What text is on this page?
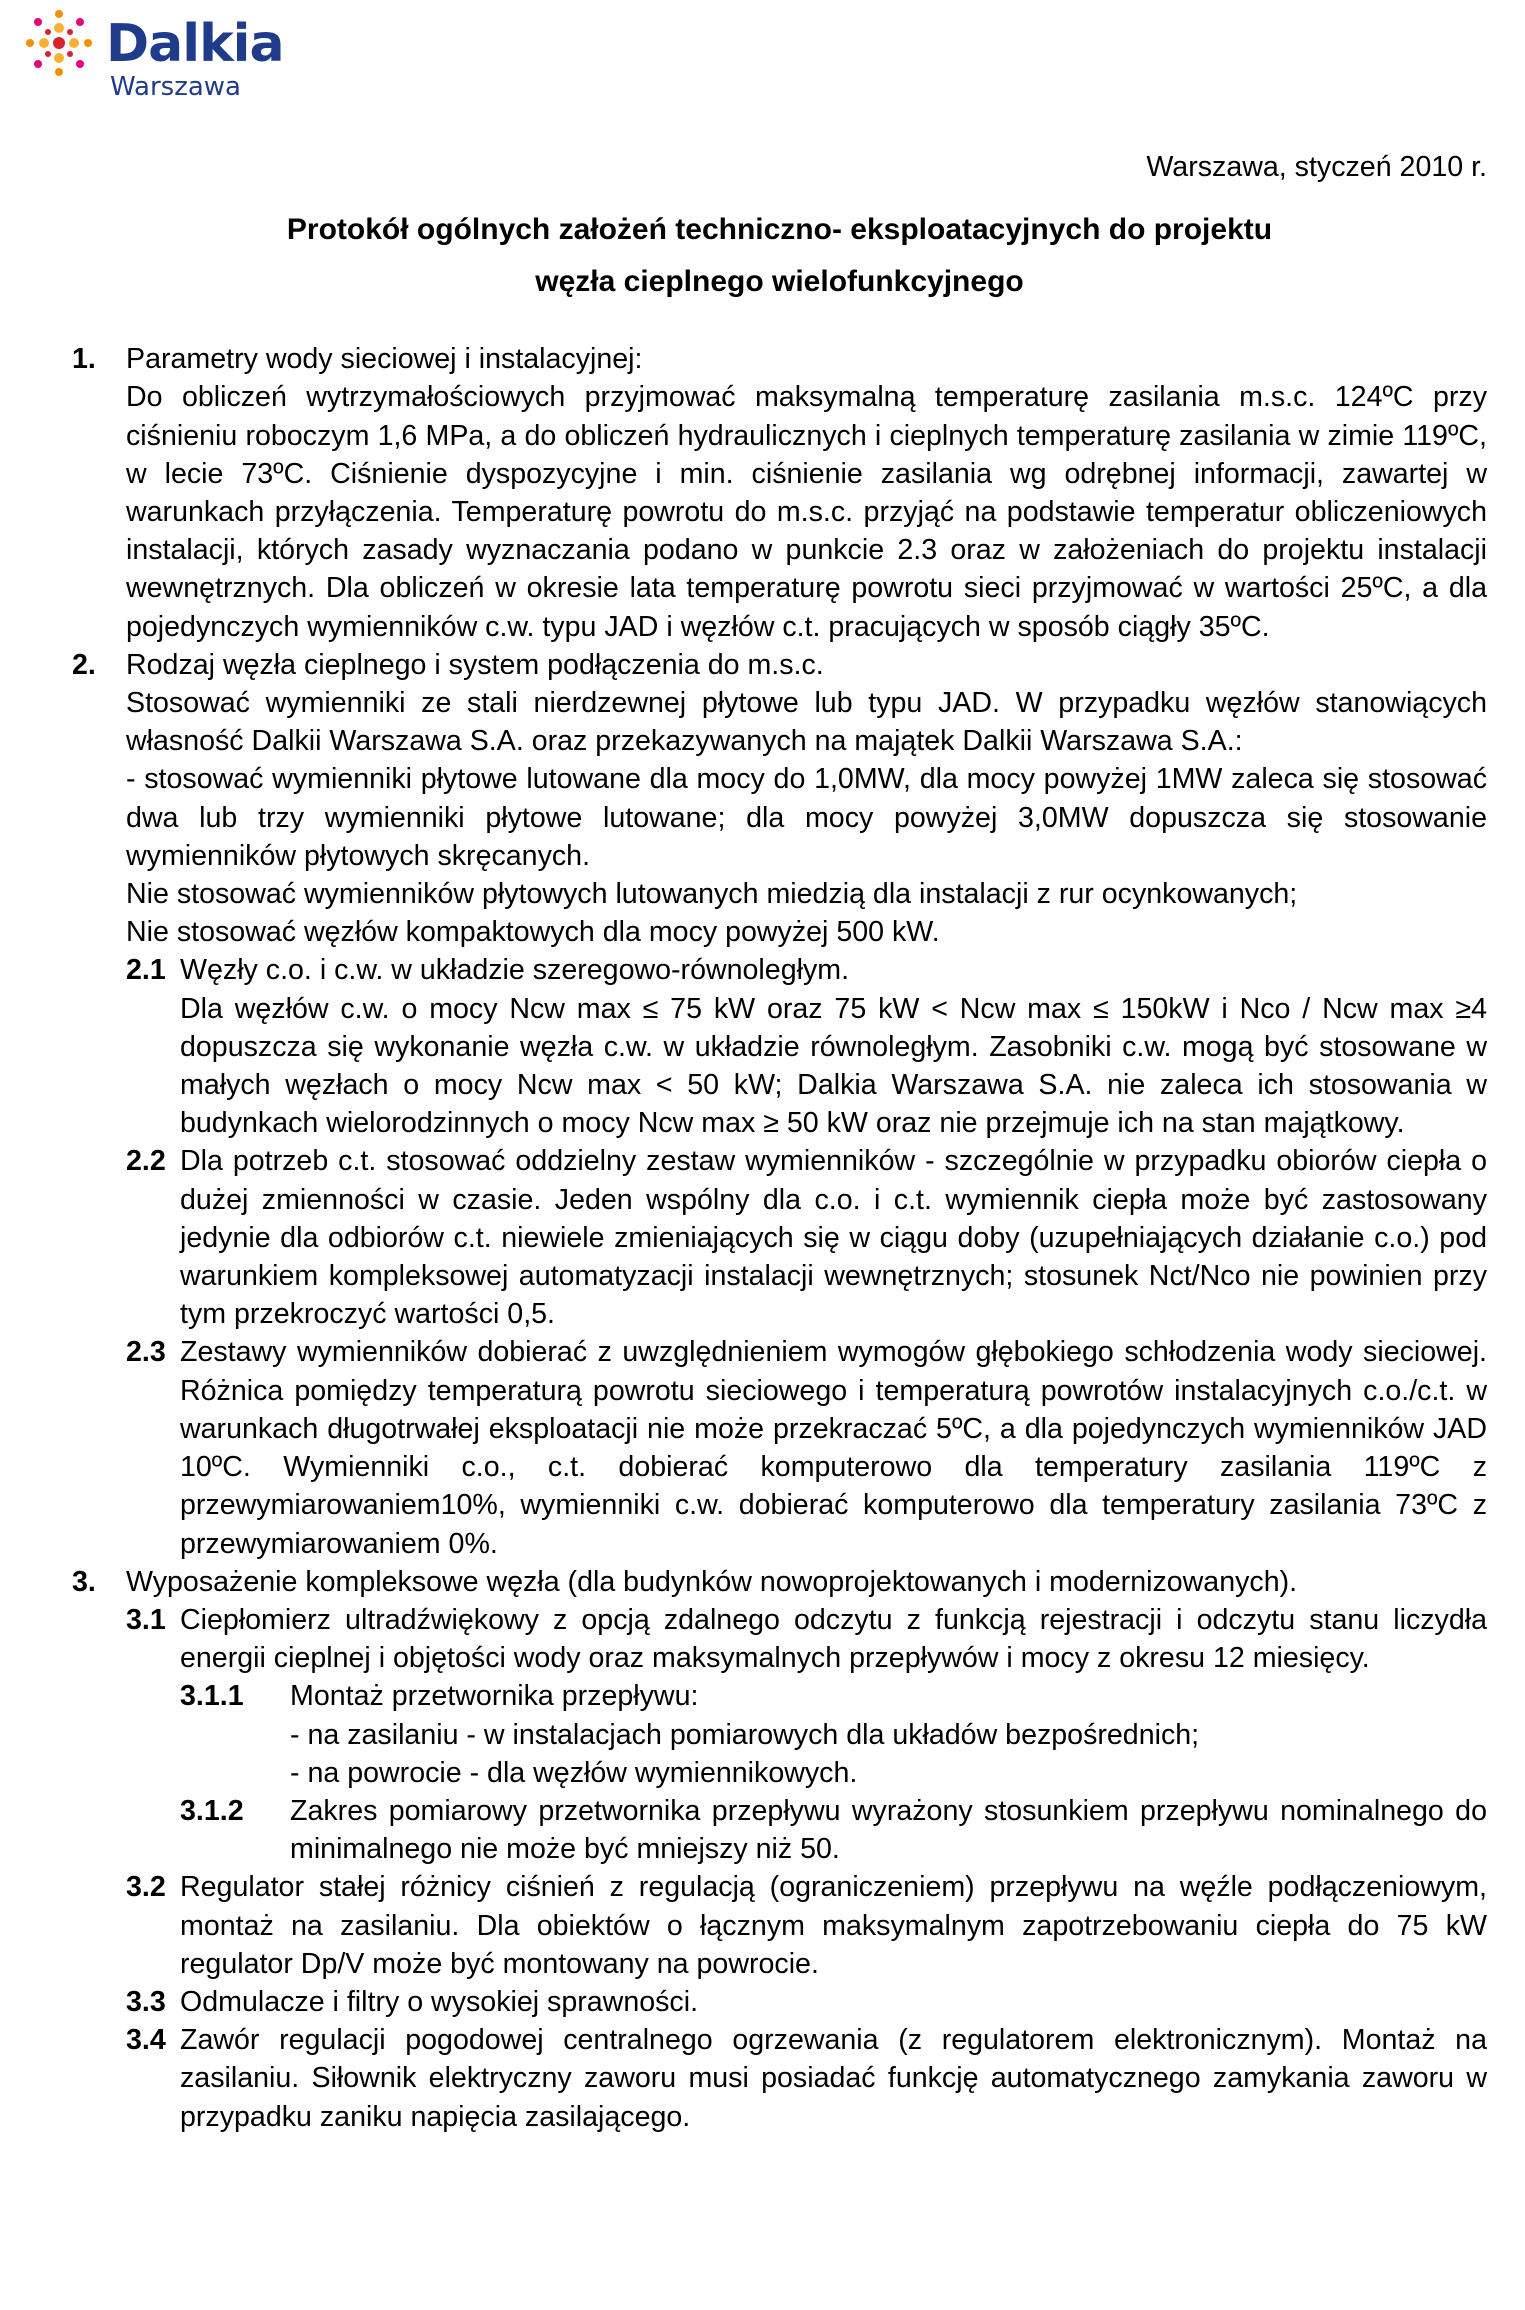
Dalkia
Warszawa
Warszawa, styczeń 2010 r.
Protokół ogólnych założeń techniczno- eksploatacyjnych do projektu
węzła cieplnego wielofunkcyjnego
1. Parametry wody sieciowej i instalacyjnej:

Do obliczeń wytrzymałościowych przyjmować maksymalną temperaturę zasilania m.s.c. 124ºC przy ciśnieniu roboczym 1,6 MPa, a do obliczeń hydraulicznych i cieplnych temperaturę zasilania w zimie 119ºC, w lecie 73ºC. Ciśnienie dyspozycyjne i min. ciśnienie zasilania wg odrębnej informacji, zawartej w warunkach przyłączenia. Temperaturę powrotu do m.s.c. przyjąć na podstawie temperatur obliczeniowych instalacji, których zasady wyznaczania podano w punkcie 2.3 oraz w założeniach do projektu instalacji wewnętrznych. Dla obliczeń w okresie lata temperaturę powrotu sieci przyjmować w wartości 25ºC, a dla pojedynczych wymienników c.w. typu JAD i węzłów c.t. pracujących w sposób ciągły 35ºC.

2. Rodzaj węzła cieplnego i system podłączenia do m.s.c.

Stosować wymienniki ze stali nierdzewnej płytowe lub typu JAD. W przypadku węzłów stanowiących własność Dalkii Warszawa S.A. oraz przekazywanych na majątek Dalkii Warszawa S.A.:

- stosować wymienniki płytowe lutowane dla mocy do 1,0MW, dla mocy powyżej 1MW zaleca się stosować dwa lub trzy wymienniki płytowe lutowane; dla mocy powyżej 3,0MW dopuszcza się stosowanie wymienników płytowych skręcanych.

Nie stosować wymienników płytowych lutowanych miedzią dla instalacji z rur ocynkowanych;
Nie stosować węzłów kompaktowych dla mocy powyżej 500 kW.
2.1 Węzły c.o. i c.w. w układzie szeregowo-równoległym.

Dla węzłów c.w. o mocy Ncw max ≤ 75 kW oraz 75 kW < Ncw max ≤ 150kW i Nco / Ncw max ≥4 dopuszcza się wykonanie węzła c.w. w układzie równoległym. Zasobniki c.w. mogą być stosowane w małych węzłach o mocy Ncw max < 50 kW; Dalkia Warszawa S.A. nie zaleca ich stosowania w budynkach wielorodzinnych o mocy Ncw max ≥ 50 kW oraz nie przejmuje ich na stan majątkowy.

2.2 Dla potrzeb c.t. stosować oddzielny zestaw wymienników - szczególnie w przypadku obiorów ciepła o dużej zmienności w czasie. Jeden wspólny dla c.o. i c.t. wymiennik ciepła może być zastosowany jedynie dla odbiorów c.t. niewiele zmieniających się w ciągu doby (uzupełniających działanie c.o.) pod warunkiem kompleksowej automatyzacji instalacji wewnętrznych; stosunek Nct/Nco nie powinien przy tym przekroczyć wartości 0,5.

2.3 Zestawy wymienników dobierać z uwzględnieniem wymogów głębokiego schłodzenia wody sieciowej. Różnica pomiędzy temperaturą powrotu sieciowego i temperaturą powrotów instalacyjnych c.o./c.t. w warunkach długotrwałej eksploatacji nie może przekraczać 5ºC, a dla pojedynczych wymienników JAD 10ºC. Wymienniki c.o., c.t. dobierać komputerowo dla temperatury zasilania 119ºC z przewymiarowaniem10%, wymienniki c.w. dobierać komputerowo dla temperatury zasilania 73ºC z przewymiarowaniem 0%.

3. Wyposażenie kompleksowe węzła (dla budynków nowoprojektowanych i modernizowanych).
3.1 Ciepłomierz ultradźwiękowy z opcją zdalnego odczytu z funkcją rejestracji i odczytu stanu liczydła energii cieplnej i objętości wody oraz maksymalnych przepływów i mocy z okresu 12 miesięcy.

3.1.1 Montaż przetwornika przepływu:
- na zasilaniu - w instalacjach pomiarowych dla układów bezpośrednich;
- na powrocie - dla węzłów wymiennikowych.
3.1.2 Zakres pomiarowy przetwornika przepływu wyrażony stosunkiem przepływu nominalnego do minimalnego nie może być mniejszy niż 50.

3.2 Regulator stałej różnicy ciśnień z regulacją (ograniczeniem) przepływu na węźle podłączeniowym, montaż na zasilaniu. Dla obiektów o łącznym maksymalnym zapotrzebowaniu ciepła do 75 kW regulator Dp/V może być montowany na powrocie.

3.3 Odmulacze i filtry o wysokiej sprawności.

3.4 Zawór regulacji pogodowej centralnego ogrzewania (z regulatorem elektronicznym). Montaż na zasilaniu. Siłownik elektryczny zaworu musi posiadać funkcję automatycznego zamykania zaworu w przypadku zaniku napięcia zasilającego.
